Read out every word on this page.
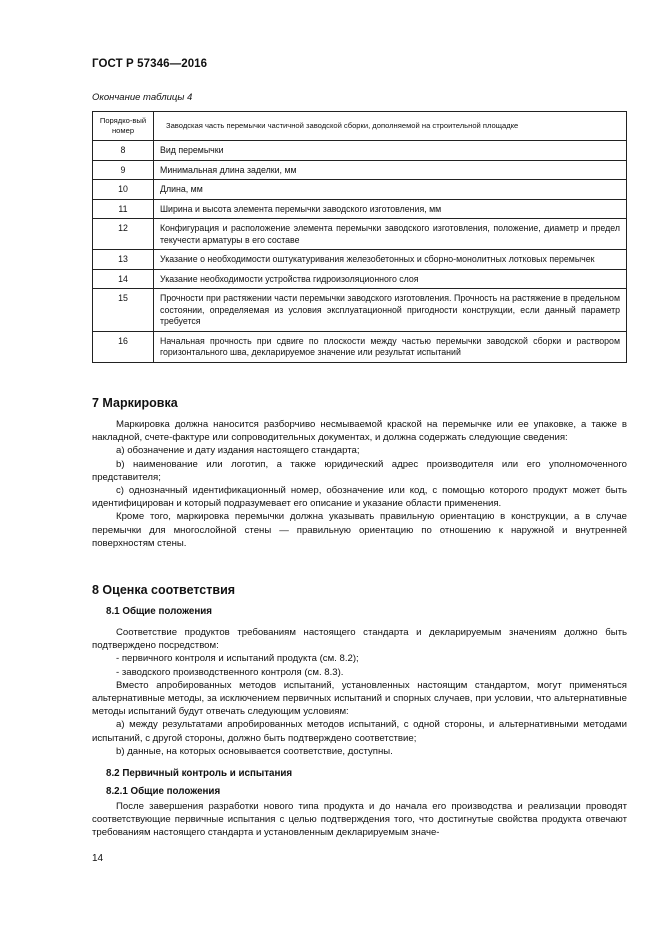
ГОСТ Р 57346—2016
Окончание таблицы 4
Порядко-вый номер	Заводская часть перемычки частичной заводской сборки, дополняемой на строительной площадке
8	Вид перемычки
9	Минимальная длина заделки, мм
10	Длина, мм
11	Ширина и высота элемента перемычки заводского изготовления, мм
12	Конфигурация и расположение элемента перемычки заводского изготовления, положение, диаметр и предел текучести арматуры в его составе
13	Указание о необходимости оштукатуривания железобетонных и сборно-монолитных лотковых перемычек
14	Указание необходимости устройства гидроизоляционного слоя
15	Прочности при растяжении части перемычки заводского изготовления. Прочность на растяжение в предельном состоянии, определяемая из условия эксплуатационной пригодности конструкции, если данный параметр требуется
16	Начальная прочность при сдвиге по плоскости между частью перемычки заводской сборки и раствором горизонтального шва, декларируемое значение или результат испытаний
7 Маркировка

Маркировка должна наносится разборчиво несмываемой краской на перемычке или ее упаковке, а также в накладной, счете-фактуре или сопроводительных документах, и должна содержать следующие сведения:

а) обозначение и дату издания настоящего стандарта;

b) наименование или логотип, а также юридический адрес производителя или его уполномоченного представителя;

с) однозначный идентификационный номер, обозначение или код, с помощью которого продукт может быть идентифицирован и который подразумевает его описание и указание области применения.

Кроме того, маркировка перемычки должна указывать правильную ориентацию в конструкции, а в случае перемычки для многослойной стены — правильную ориентацию по отношению к наружной и внутренней поверхностям стены.

8 Оценка соответствия
8.1 Общие положения

Соответствие продуктов требованиям настоящего стандарта и декларируемым значениям должно быть подтверждено посредством:

- первичного контроля и испытаний продукта (см. 8.2);

- заводского производственного контроля (см. 8.3).

Вместо апробированных методов испытаний, установленных настоящим стандартом, могут применяться альтернативные методы, за исключением первичных испытаний и спорных случаев, при условии, что альтернативные методы испытаний будут отвечать следующим условиям:

а) между результатами апробированных методов испытаний, с одной стороны, и альтернативными методами испытаний, с другой стороны, должно быть подтверждено соответствие;

b) данные, на которых основывается соответствие, доступны.

8.2 Первичный контроль и испытания
8.2.1 Общие положения

После завершения разработки нового типа продукта и до начала его производства и реализации проводят соответствующие первичные испытания с целью подтверждения того, что достигнутые свойства продукта отвечают требованиям настоящего стандарта и установленным декларируемым значе-

14
